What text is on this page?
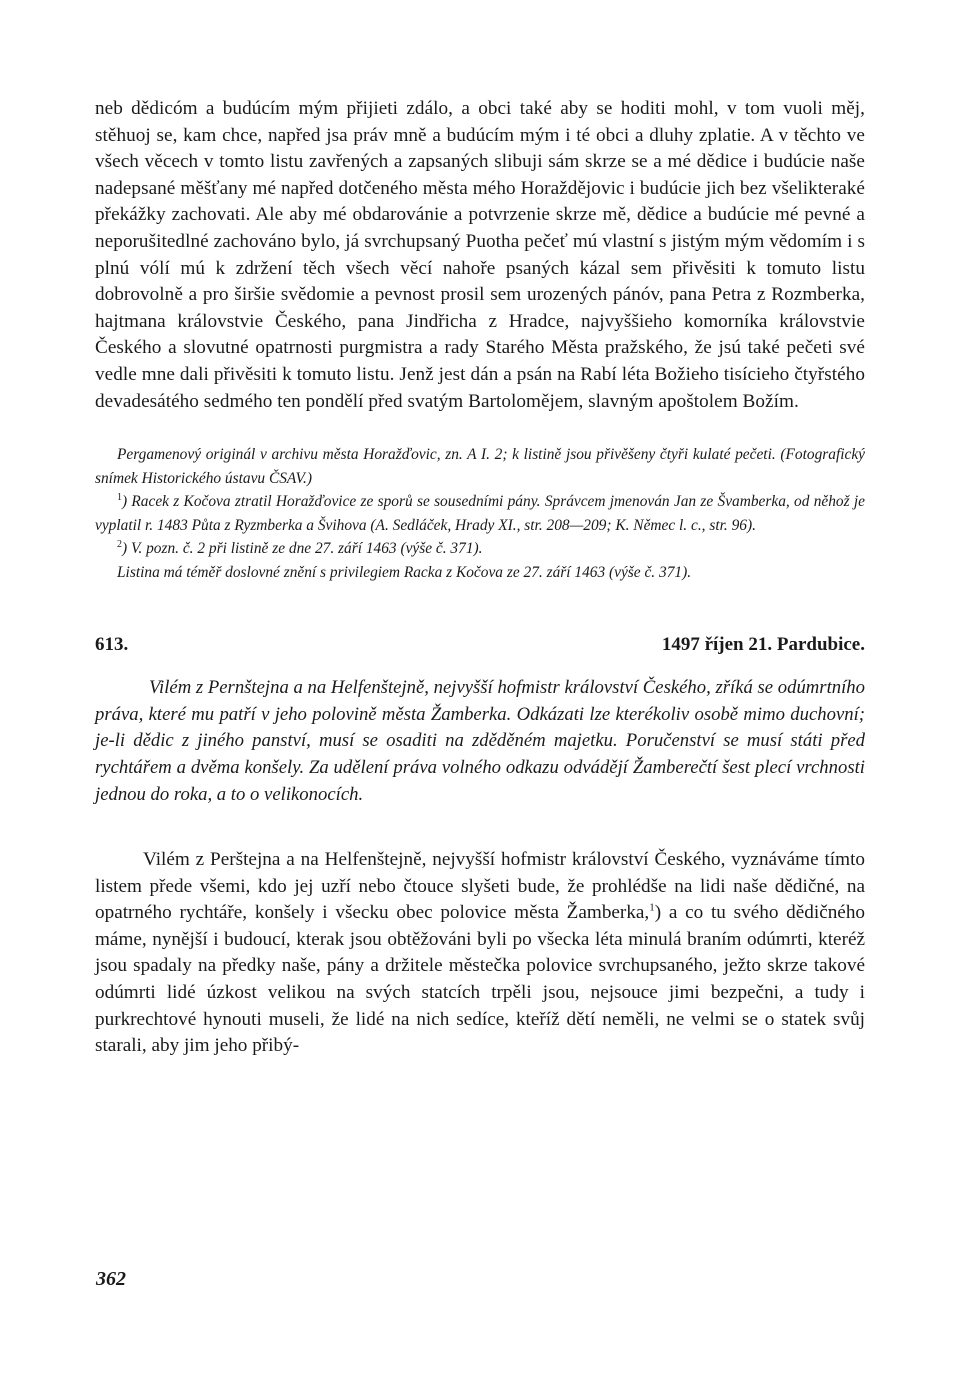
neb dědicóm a budúcím mým přijieti zdálo, a obci také aby se hoditi mohl, v tom vuoli měj, stěhuoj se, kam chce, napřed jsa práv mně a budúcím mým i té obci a dluhy zplatie. A v těchto ve všech věcech v tomto listu zavřených a zapsaných slibuji sám skrze se a mé dědice i budúcie naše nadepsané měšťany mé napřed dotčeného města mého Horaždějovic i budúcie jich bez všelikteraké překážky zachovati. Ale aby mé obdarovánie a potvrzenie skrze mě, dědice a budúcie mé pevné a neporušitedlné zachováno bylo, já svrchupsaný Puotha pečeť mú vlastní s jistým mým vědomím i s plnú vólí mú k zdržení těch všech věcí nahoře psaných kázal sem přivěsiti k tomuto listu dobrovolně a pro širšie svědomie a pevnost prosil sem urozených pánóv, pana Petra z Rozmberka, hajtmana královstvie Českého, pana Jindřicha z Hradce, najvyššieho komorníka královstvie Českého a slovutné opatrnosti purgmistra a rady Starého Města pražského, že jsú také pečeti své vedle mne dali přivěsiti k tomuto listu. Jenž jest dán a psán na Rabí léta Božieho tisícieho čtyřstého devadesátého sedmého ten pondělí před svatým Bartoloměјem, slavným apoštolem Božím.

Pergamenový originál v archivu města Horažďovic, zn. A I. 2; k listině jsou přivěšeny čtyři kulaté pečeti. (Fotografický snímek Historického ústavu ČSAV.)

$^1$) Racek z Kočova ztratil Horažďovice ze sporů se sousedními pány. Správcem jmenován Jan ze Švamberka, od něhož je vyplatil r. 1483 Půta z Ryzmberka a Švihova (A. Sedláček, Hrady XI., str. 208—209; K. Němec l. c., str. 96).

$^2$) V. pozn. č. 2 při listině ze dne 27. září 1463 (výše č. 371).

Listina má téměř doslovné znění s privilegiem Racka z Kočova ze 27. září 1463 (výše č. 371).

613.	1497 říjen 21. Pardubice.

Vilém z Pernštejna a na Helfenštejně, nejvyšší hofmistr království Českého, zříká se odúmrtního práva, které mu patří v jeho polovině města Žamberka. Odkázati lze kterékoliv osobě mimo duchovní; je-li dědic z jiného panství, musí se osaditi na zděděném majetku. Poručenství se musí státi před rychtářem a dvěma konšely. Za udělení práva volného odkazu odvádějí Žamberečtí šest plecí vrchnosti jednou do roka, a to o velikonocích.

Vilém z Perštejna a na Helfenštejně, nejvyšší hofmistr království Českého, vyznáváme tímto listem přede všemi, kdo jej uzří nebo čtouce slyšeti bude, že prohlédše na lidi naše dědičné, na opatrného rychtáře, konšely i všecku obec polovice města Žamberka,$^1$) a co tu svého dědičného máme, nynější i budoucí, kterak jsou obtěžováni byli po všecka léta minulá braním odúmrti, kteréž jsou spadaly na předky naše, pány a držitele městečka polovice svrchupsaného, ježto skrze takové odúmrti lidé úzkost velikou na svých statcích trpěli jsou, nejsouce jimi bezpečni, a tudy i purkrechtové hynouti museli, že lidé na nich sedíce, kteříž dětí neměli, ne velmi se o statek svůj starali, aby jim jeho přibý-

362
